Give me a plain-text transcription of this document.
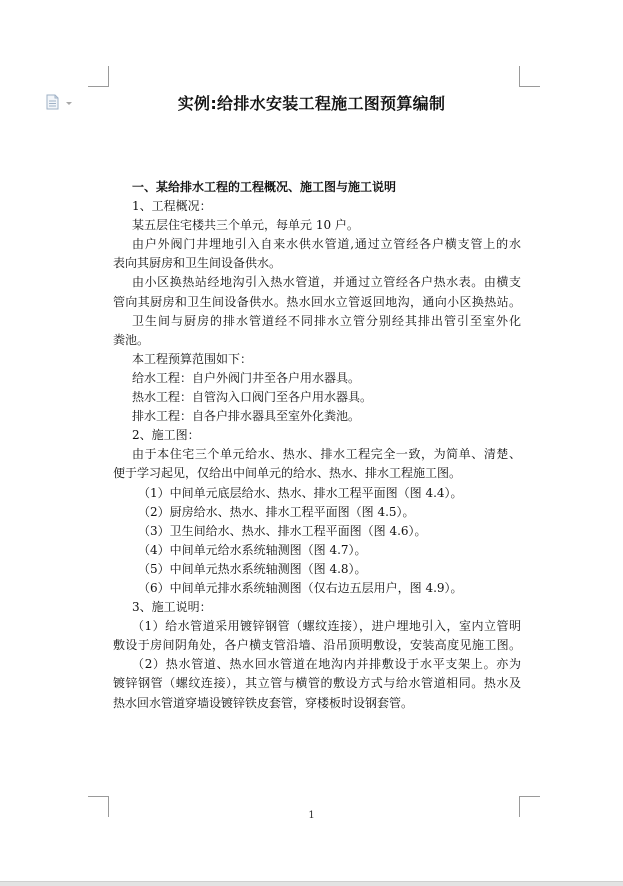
实例:给排水安装工程施工图预算编制

一、某给排水工程的工程概况、施工图与施工说明

1、工程概况：

某五层住宅楼共三个单元，每单元 10 户。

由户外阀门井埋地引入自来水供水管道,通过立管经各户横支管上的水

表向其厨房和卫生间设备供水。

由小区换热站经地沟引入热水管道，并通过立管经各户热水表。由横支

管向其厨房和卫生间设备供水。热水回水立管返回地沟，通向小区换热站。

卫生间与厨房的排水管道经不同排水立管分别经其排出管引至室外化

粪池。

本工程预算范围如下：

给水工程：自户外阀门井至各户用水器具。

热水工程：自管沟入口阀门至各户用水器具。

排水工程：自各户排水器具至室外化粪池。

2、施工图：

由于本住宅三个单元给水、热水、排水工程完全一致，为简单、清楚、

便于学习起见，仅给出中间单元的给水、热水、排水工程施工图。

（1）中间单元底层给水、热水、排水工程平面图（图 4.4）。

（2）厨房给水、热水、排水工程平面图（图 4.5）。

（3）卫生间给水、热水、排水工程平面图（图 4.6）。

（4）中间单元给水系统轴测图（图 4.7）。

（5）中间单元热水系统轴测图（图 4.8）。

（6）中间单元排水系统轴测图（仅右边五层用户，图 4.9）。

3、施工说明：

（1）给水管道采用镀锌钢管（螺纹连接），进户埋地引入，室内立管明

敷设于房间阴角处，各户横支管沿墙、沿吊顶明敷设，安装高度见施工图。

（2）热水管道、热水回水管道在地沟内并排敷设于水平支架上。亦为

镀锌钢管（螺纹连接），其立管与横管的敷设方式与给水管道相同。热水及

热水回水管道穿墙设镀锌铁皮套管，穿楼板时设钢套管。

1
